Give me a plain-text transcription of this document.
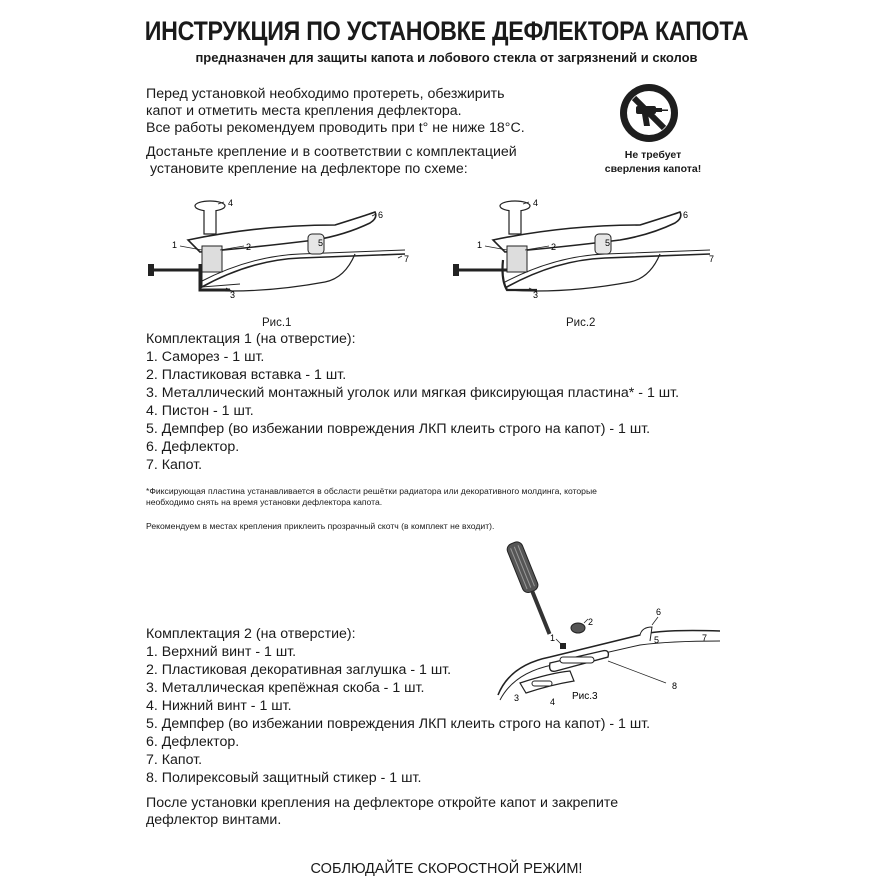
ИНСТРУКЦИЯ ПО УСТАНОВКЕ ДЕФЛЕКТОРА КАПОТА
предназначен для защиты капота и лобового стекла от загрязнений и сколов
Перед установкой необходимо протереть, обезжирить
капот и отметить места крепления дефлектора.
Все работы рекомендуем проводить при t° не ниже 18°С.
Достаньте крепление и в соответствии с комплектацией
установите крепление на дефлекторе по схеме:
Не требует
сверления капота!
1	2
3
4
5
6
7
Рис.1
1	2
3
4
5
6
7
Рис.2
Комплектация 1 (на отверстие):
1. Саморез - 1 шт.
2. Пластиковая вставка - 1 шт.
3. Металлический монтажный уголок или мягкая фиксирующая пластина* - 1 шт.
4. Пистон - 1 шт.
5. Демпфер (во избежании повреждения ЛКП клеить строго на капот) - 1 шт.
6. Дефлектор.
7. Капот.
*Фиксирующая пластина устанавливается в обсласти решётки радиатора или декоративного молдинга, которые
необходимо снять на время установки дефлектора капота.
Рекомендуем в местах крепления приклеить прозрачный скотч (в комплект не входит).
1
2
3	4
5
6
7
8
Рис.3
Комплектация 2 (на отверстие):
1. Верхний винт - 1 шт.
2. Пластиковая декоративная заглушка - 1 шт.
3. Металлическая крепёжная скоба - 1 шт.
4. Нижний винт - 1 шт.
5. Демпфер (во избежании повреждения ЛКП клеить строго на капот) - 1 шт.
6. Дефлектор.
7. Капот.
8. Полирексовый защитный стикер - 1 шт.
После установки крепления на дефлекторе откройте капот и закрепите
дефлектор винтами.
СОБЛЮДАЙТЕ СКОРОСТНОЙ РЕЖИМ!
